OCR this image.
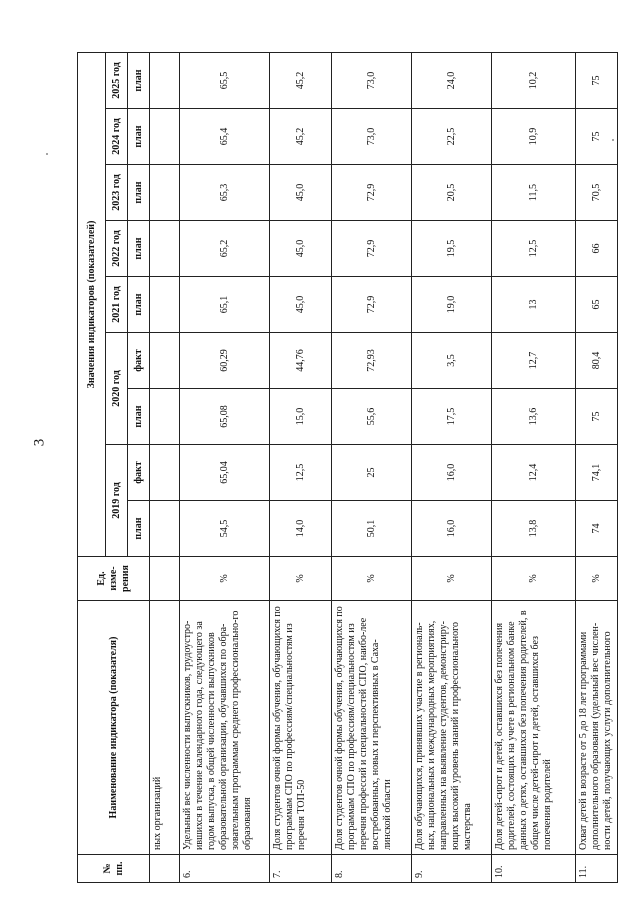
3
№ пп.	Наименование индикатора (показателя)	Ед. изме-рения	Значения индикаторов (показателей)								
			2019 год		2020 год		2021 год	2022 год	2023 год	2024 год	2025 год
			план	факт	план	факт	план	план	план	план	план
	ных организаций										
6.	Удельный вес численности выпускников, трудоустро-ившихся в течение календарного года, следующего за годом выпуска, в общей численности выпускников образовательной организации, обучавшихся по обра-зовательным программам среднего профессионально-го образования	%	54,5	65,04	65,08	60,29	65,1	65,2	65,3	65,4	65,5
7.	Доля студентов очной формы обучения, обучающихся по программам СПО по профессиям/специальностям из перечня ТОП-50	%	14,0	12,5	15,0	44,76	45,0	45,0	45,0	45,2	45,2
8.	Доля студентов очной формы обучения, обучающихся по программам СПО по профессиям/специальностям из перечня профессий и специальностей СПО, наибо-лее востребованных, новых и перспективных в Саха-линской области	%	50,1	25	55,6	72,93	72,9	72,9	72,9	73,0	73,0
9.	Доля обучающихся, принявших участие в региональ-ных, национальных и международных мероприятиях, направленных на выявление студентов, демонстриру-ющих высокий уровень знаний и профессионального мастерства	%	16,0	16,0	17,5	3,5	19,0	19,5	20,5	22,5	24,0
10.	Доля детей-сирот и детей, оставшихся без попечения родителей, состоящих на учете в региональном банке данных о детях, оставшихся без попечения родителей, в общем числе детей-сирот и детей, оставшихся без попечения родителей	%	13,8	12,4	13,6	12,7	13	12,5	11,5	10,9	10,2
11.	Охват детей в возрасте от 5 до 18 лет программами дополнительного образования (удельный вес числен-ности детей, получающих услуги дополнительного	%	74	74,1	75	80,4	65	66	70,5	75	75
